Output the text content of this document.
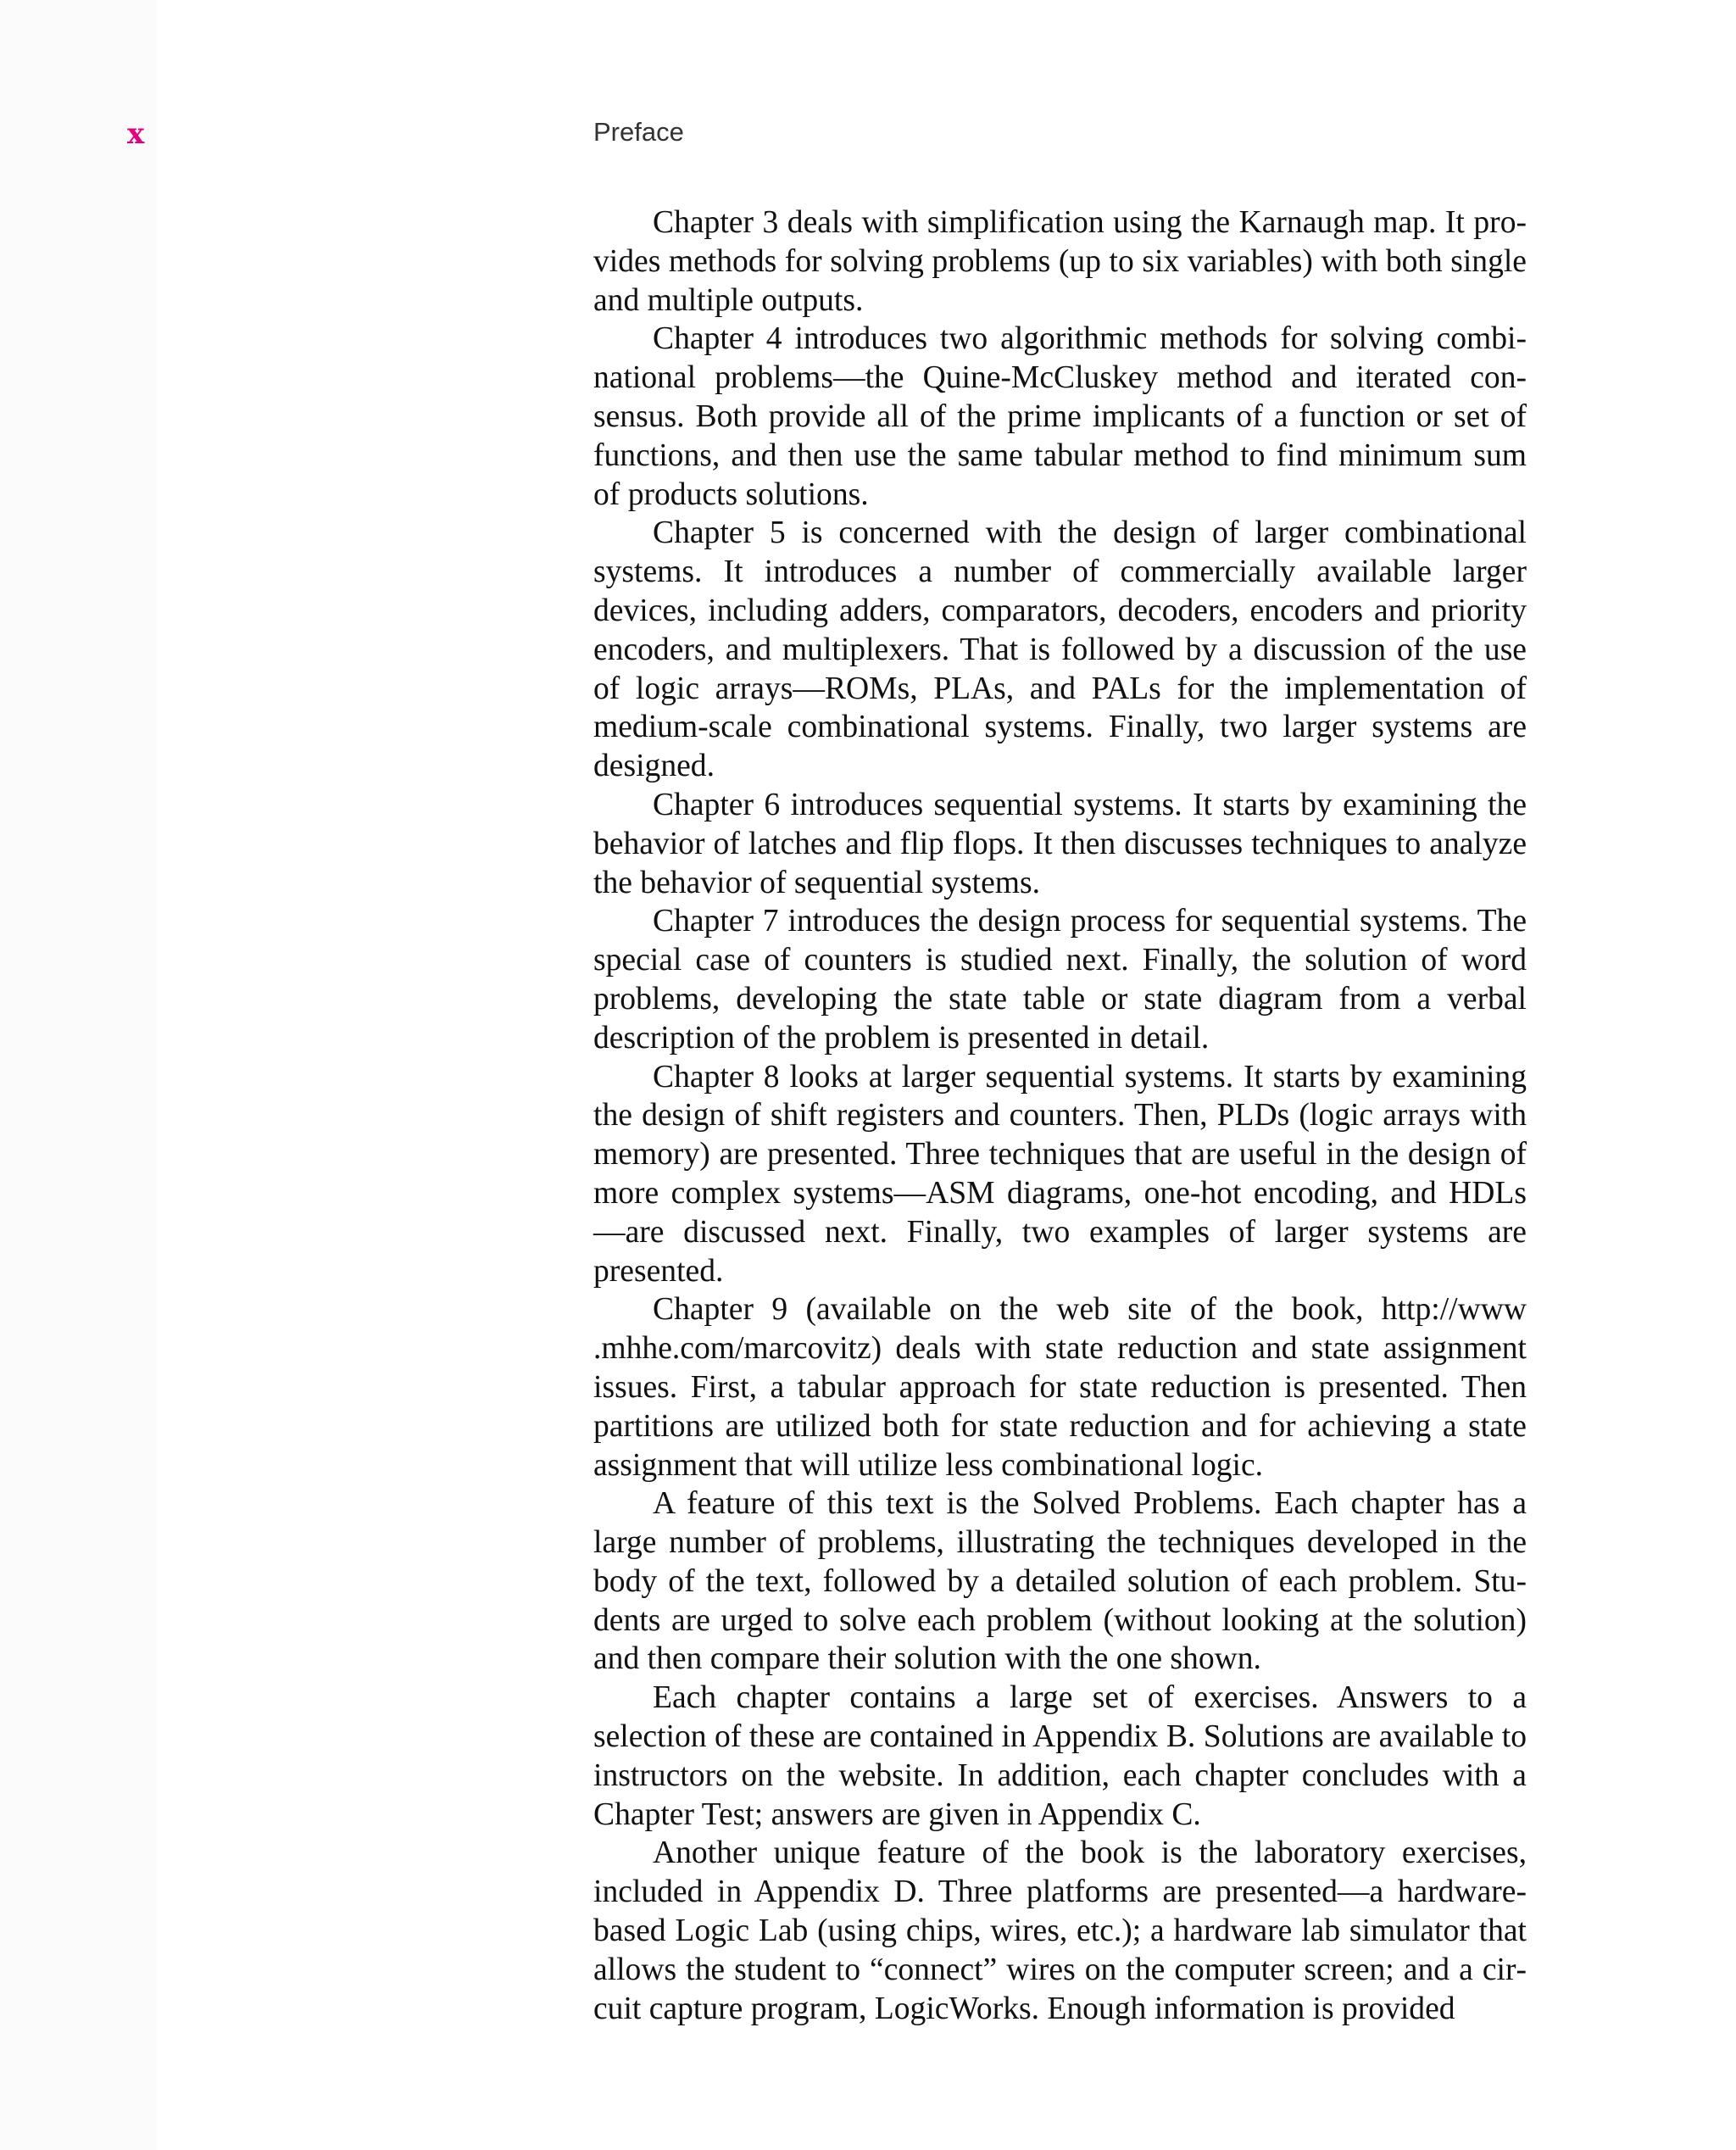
x	Preface

Chapter 3 deals with simplification using the Karnaugh map. It provides methods for solving problems (up to six variables) with both single and multiple outputs.

Chapter 4 introduces two algorithmic methods for solving combinational problems—the Quine-McCluskey method and iterated consensus. Both provide all of the prime implicants of a function or set of functions, and then use the same tabular method to find minimum sum of products solutions.

Chapter 5 is concerned with the design of larger combinational systems. It introduces a number of commercially available larger devices, including adders, comparators, decoders, encoders and priority encoders, and multiplexers. That is followed by a discussion of the use of logic arrays—ROMs, PLAs, and PALs for the implementation of medium-scale combinational systems. Finally, two larger systems are designed.

Chapter 6 introduces sequential systems. It starts by examining the behavior of latches and flip flops. It then discusses techniques to analyze the behavior of sequential systems.

Chapter 7 introduces the design process for sequential systems. The special case of counters is studied next. Finally, the solution of word problems, developing the state table or state diagram from a verbal description of the problem is presented in detail.

Chapter 8 looks at larger sequential systems. It starts by examining the design of shift registers and counters. Then, PLDs (logic arrays with memory) are presented. Three techniques that are useful in the design of more complex systems—ASM diagrams, one-hot encoding, and HDLs—are discussed next. Finally, two examples of larger systems are presented.

Chapter 9 (available on the web site of the book, http://www​.mhhe.com/marcovitz) deals with state reduction and state assignment issues. First, a tabular approach for state reduction is presented. Then partitions are utilized both for state reduction and for achieving a state assignment that will utilize less combinational logic.

A feature of this text is the Solved Problems. Each chapter has a large number of problems, illustrating the techniques developed in the body of the text, followed by a detailed solution of each problem. Students are urged to solve each problem (without looking at the solution) and then compare their solution with the one shown.

Each chapter contains a large set of exercises. Answers to a selection of these are contained in Appendix B. Solutions are available to instructors on the website. In addition, each chapter concludes with a Chapter Test; answers are given in Appendix C.

Another unique feature of the book is the laboratory exercises, included in Appendix D. Three platforms are presented—a hardware-based Logic Lab (using chips, wires, etc.); a hardware lab simulator that allows the student to “connect” wires on the computer screen; and a circuit capture program, LogicWorks. Enough information is provided
